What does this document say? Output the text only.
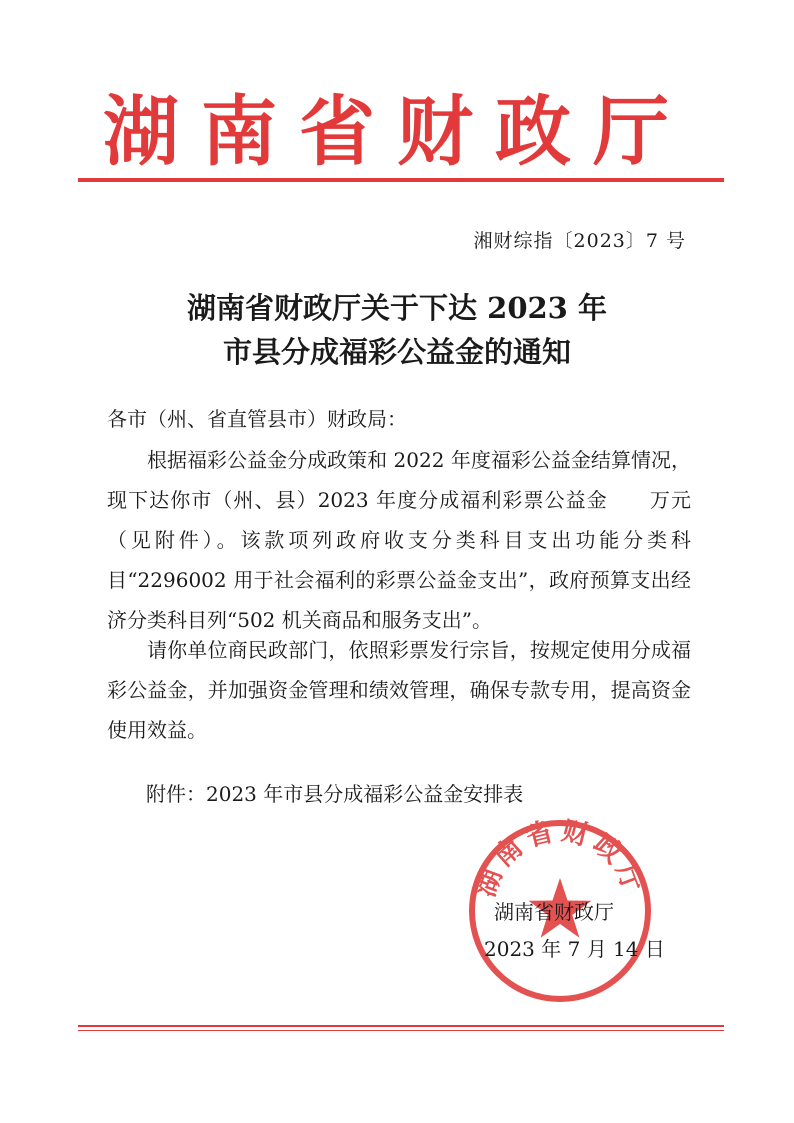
湖南省财政厅
湘财综指〔2023〕7 号
湖南省财政厅关于下达 2023 年
市县分成福彩公益金的通知
各市（州、省直管县市）财政局：

根据福彩公益金分成政策和 2022 年度福彩公益金结算情况，现下达你市（州、县）2023 年度分成福利彩票公益金　　万元（见附件）。该款项列政府收支分类科目支出功能分类科目“2296002 用于社会福利的彩票公益金支出”，政府预算支出经济分类科目列“502 机关商品和服务支出”。

请你单位商民政部门，依照彩票发行宗旨，按规定使用分成福彩公益金，并加强资金管理和绩效管理，确保专款专用，提高资金使用效益。

附件：2023 年市县分成福彩公益金安排表
湖南省财政厅
湖南省财政厅
2023 年 7 月 14 日
